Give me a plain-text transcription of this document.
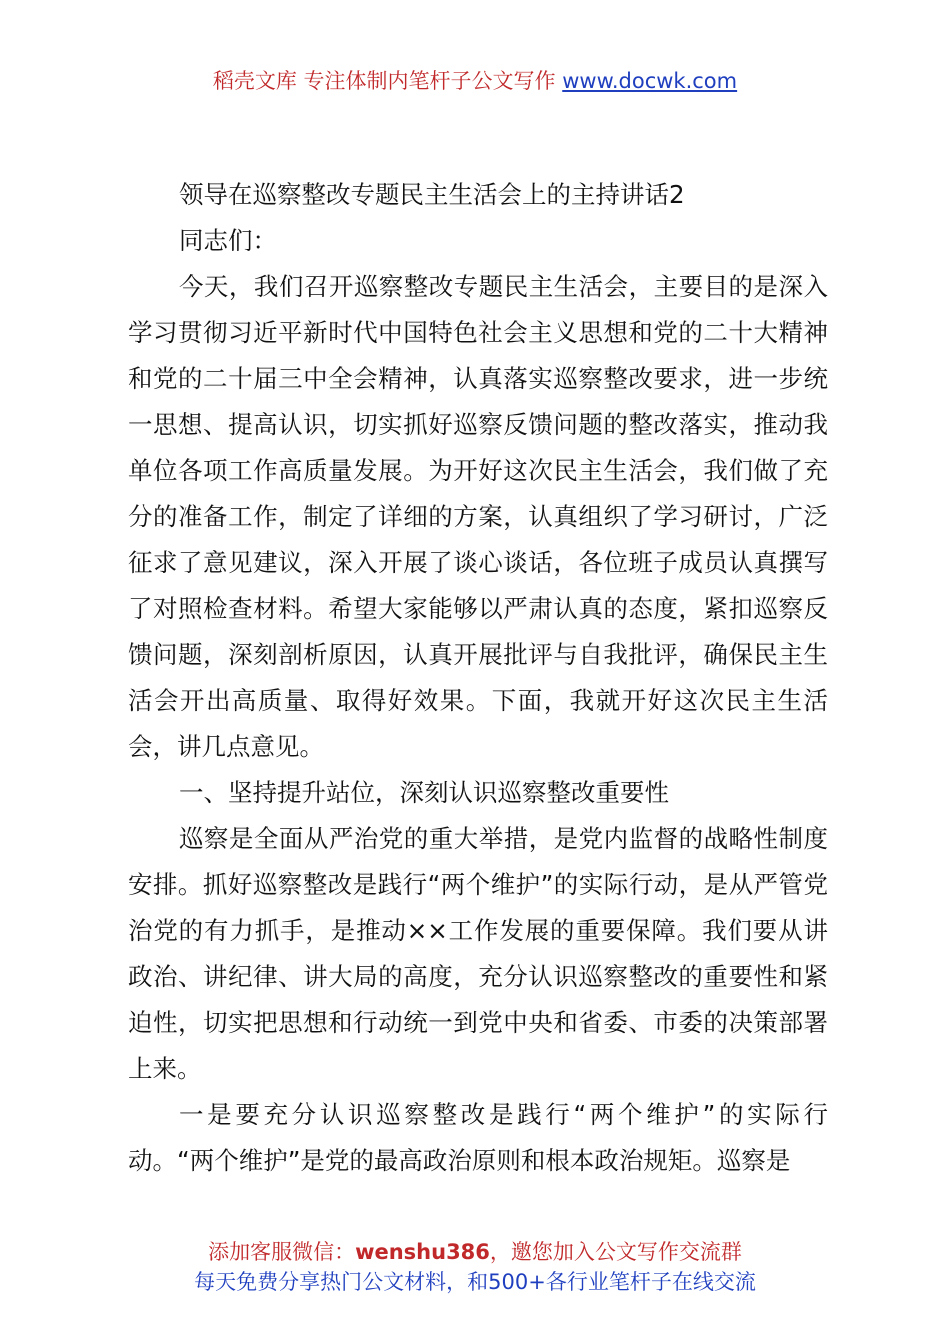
稻壳文库 专注体制内笔杆子公文写作 www.docwk.com

领导在巡察整改专题民主生活会上的主持讲话2

同志们：

今天，我们召开巡察整改专题民主生活会，主要目的是深入学习贯彻习近平新时代中国特色社会主义思想和党的二十大精神和党的二十届三中全会精神，认真落实巡察整改要求，进一步统一思想、提高认识，切实抓好巡察反馈问题的整改落实，推动我单位各项工作高质量发展。为开好这次民主生活会，我们做了充分的准备工作，制定了详细的方案，认真组织了学习研讨，广泛征求了意见建议，深入开展了谈心谈话，各位班子成员认真撰写了对照检查材料。希望大家能够以严肃认真的态度，紧扣巡察反馈问题，深刻剖析原因，认真开展批评与自我批评，确保民主生活会开出高质量、取得好效果。下面，我就开好这次民主生活会，讲几点意见。

一、坚持提升站位，深刻认识巡察整改重要性

巡察是全面从严治党的重大举措，是党内监督的战略性制度安排。抓好巡察整改是践行“两个维护”的实际行动，是从严管党治党的有力抓手，是推动××工作发展的重要保障。我们要从讲政治、讲纪律、讲大局的高度，充分认识巡察整改的重要性和紧迫性，切实把思想和行动统一到党中央和省委、市委的决策部署上来。

一是要充分认识巡察整改是践行“两个维护”的实际行动。“两个维护”是党的最高政治原则和根本政治规矩。巡察是

添加客服微信：wenshu386，邀您加入公文写作交流群
每天免费分享热门公文材料，和500+各行业笔杆子在线交流
